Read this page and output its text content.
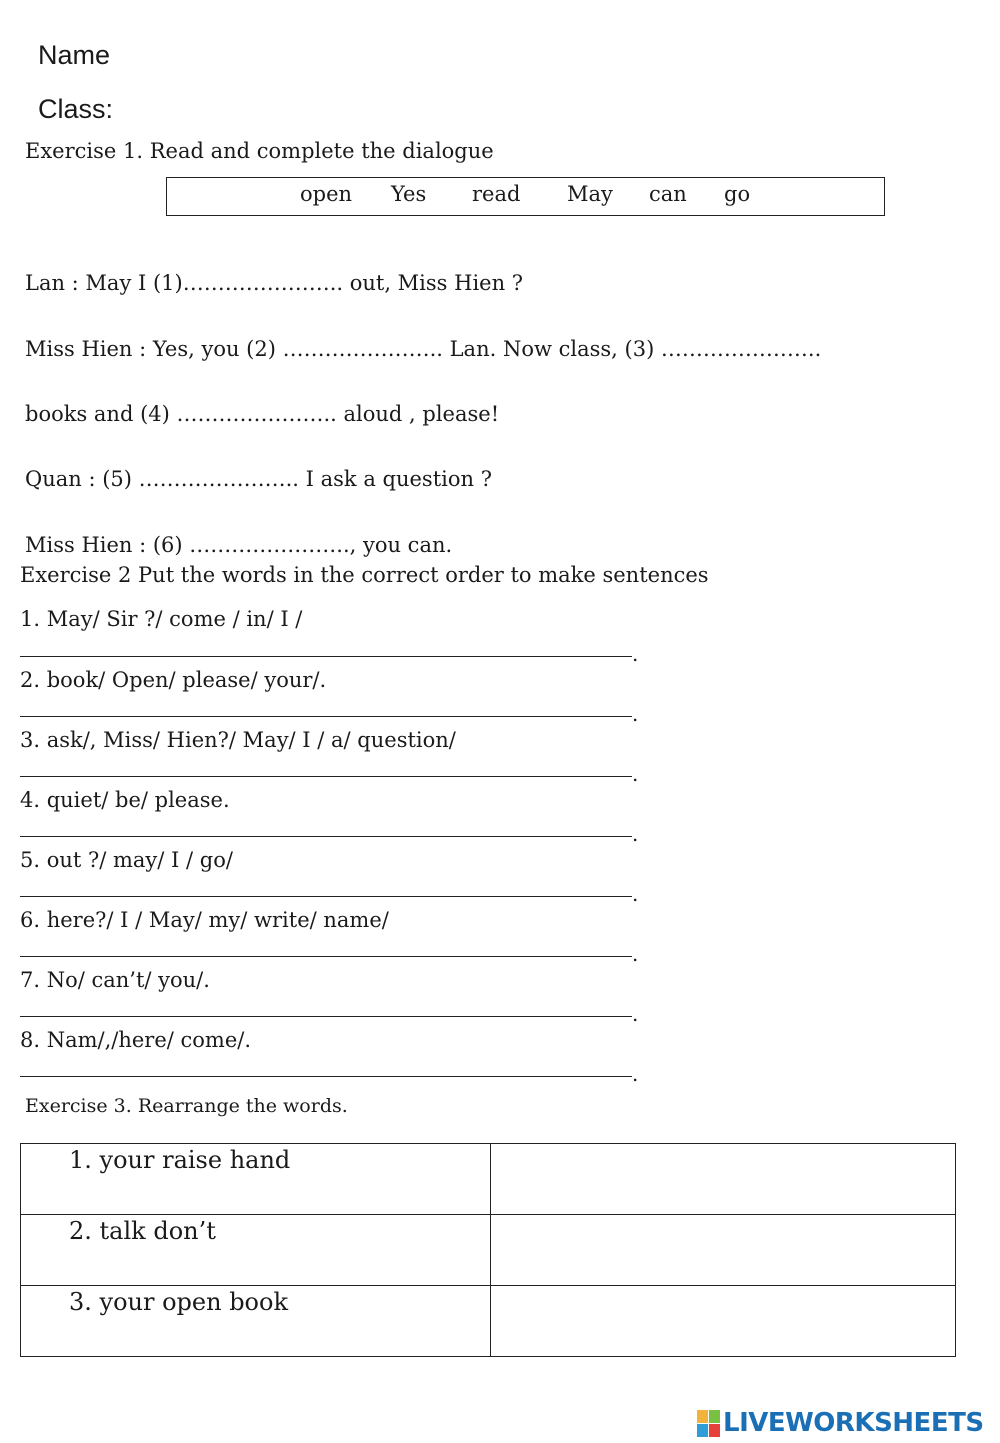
Name
Class:
Exercise 1. Read and complete the dialogue
open Yes read May can go
Lan : May I (1)………………….. out, Miss Hien ?
Miss Hien : Yes, you (2) ………………….. Lan. Now class, (3) …………………..
books and (4) ………………….. aloud , please!
Quan : (5) ………………….. I ask a question ?
Miss Hien : (6) ………………….., you can.
Exercise 2 Put the words in the correct order to make sentences
1. May/ Sir ?/ come / in/ I /
.
2. book/ Open/ please/ your/.
.
3. ask/, Miss/ Hien?/ May/ I / a/ question/
.
4. quiet/ be/ please.
.
5. out ?/ may/ I / go/
.
6. here?/ I / May/ my/ write/ name/
.
7. No/ can’t/ you/.
.
8. Nam/,/here/ come/.
.
Exercise 3. Rearrange the words.
1. your raise hand	

2. talk don’t	

3. your open book	

LIVEWORKSHEETS
